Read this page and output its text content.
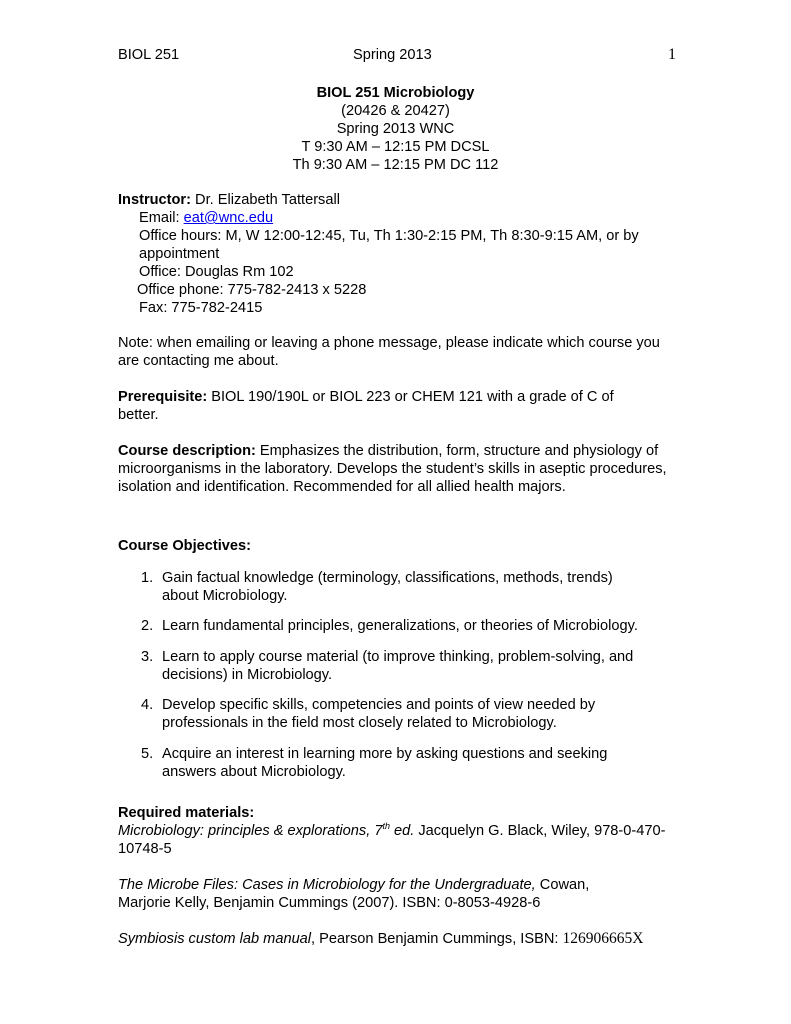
BIOL 251	Spring 2013	1
BIOL 251 Microbiology
(20426 & 20427)
Spring 2013 WNC
T 9:30 AM – 12:15 PM DCSL
Th 9:30 AM – 12:15 PM DC 112
Instructor: Dr. Elizabeth Tattersall
Email: eat@wnc.edu
Office hours: M, W 12:00-12:45, Tu, Th 1:30-2:15 PM, Th 8:30-9:15 AM, or by
appointment
Office: Douglas Rm 102
Office phone: 775-782-2413 x 5228
Fax: 775-782-2415
Note: when emailing or leaving a phone message, please indicate which course you are contacting me about.
Prerequisite: BIOL 190/190L or BIOL 223 or CHEM 121 with a grade of C of better.
Course description: Emphasizes the distribution, form, structure and physiology of microorganisms in the laboratory. Develops the student’s skills in aseptic procedures, isolation and identification. Recommended for all allied health majors.
Course Objectives:
1. Gain factual knowledge (terminology, classifications, methods, trends) about Microbiology.
2. Learn fundamental principles, generalizations, or theories of Microbiology.
3. Learn to apply course material (to improve thinking, problem-solving, and decisions) in Microbiology.
4. Develop specific skills, competencies and points of view needed by professionals in the field most closely related to Microbiology.
5. Acquire an interest in learning more by asking questions and seeking answers about Microbiology.
Required materials:
Microbiology: principles & explorations, 7th ed. Jacquelyn G. Black, Wiley, 978-0-470-10748-5
The Microbe Files: Cases in Microbiology for the Undergraduate, Cowan, Marjorie Kelly, Benjamin Cummings (2007). ISBN: 0-8053-4928-6
Symbiosis custom lab manual, Pearson Benjamin Cummings, ISBN: 126906665X
